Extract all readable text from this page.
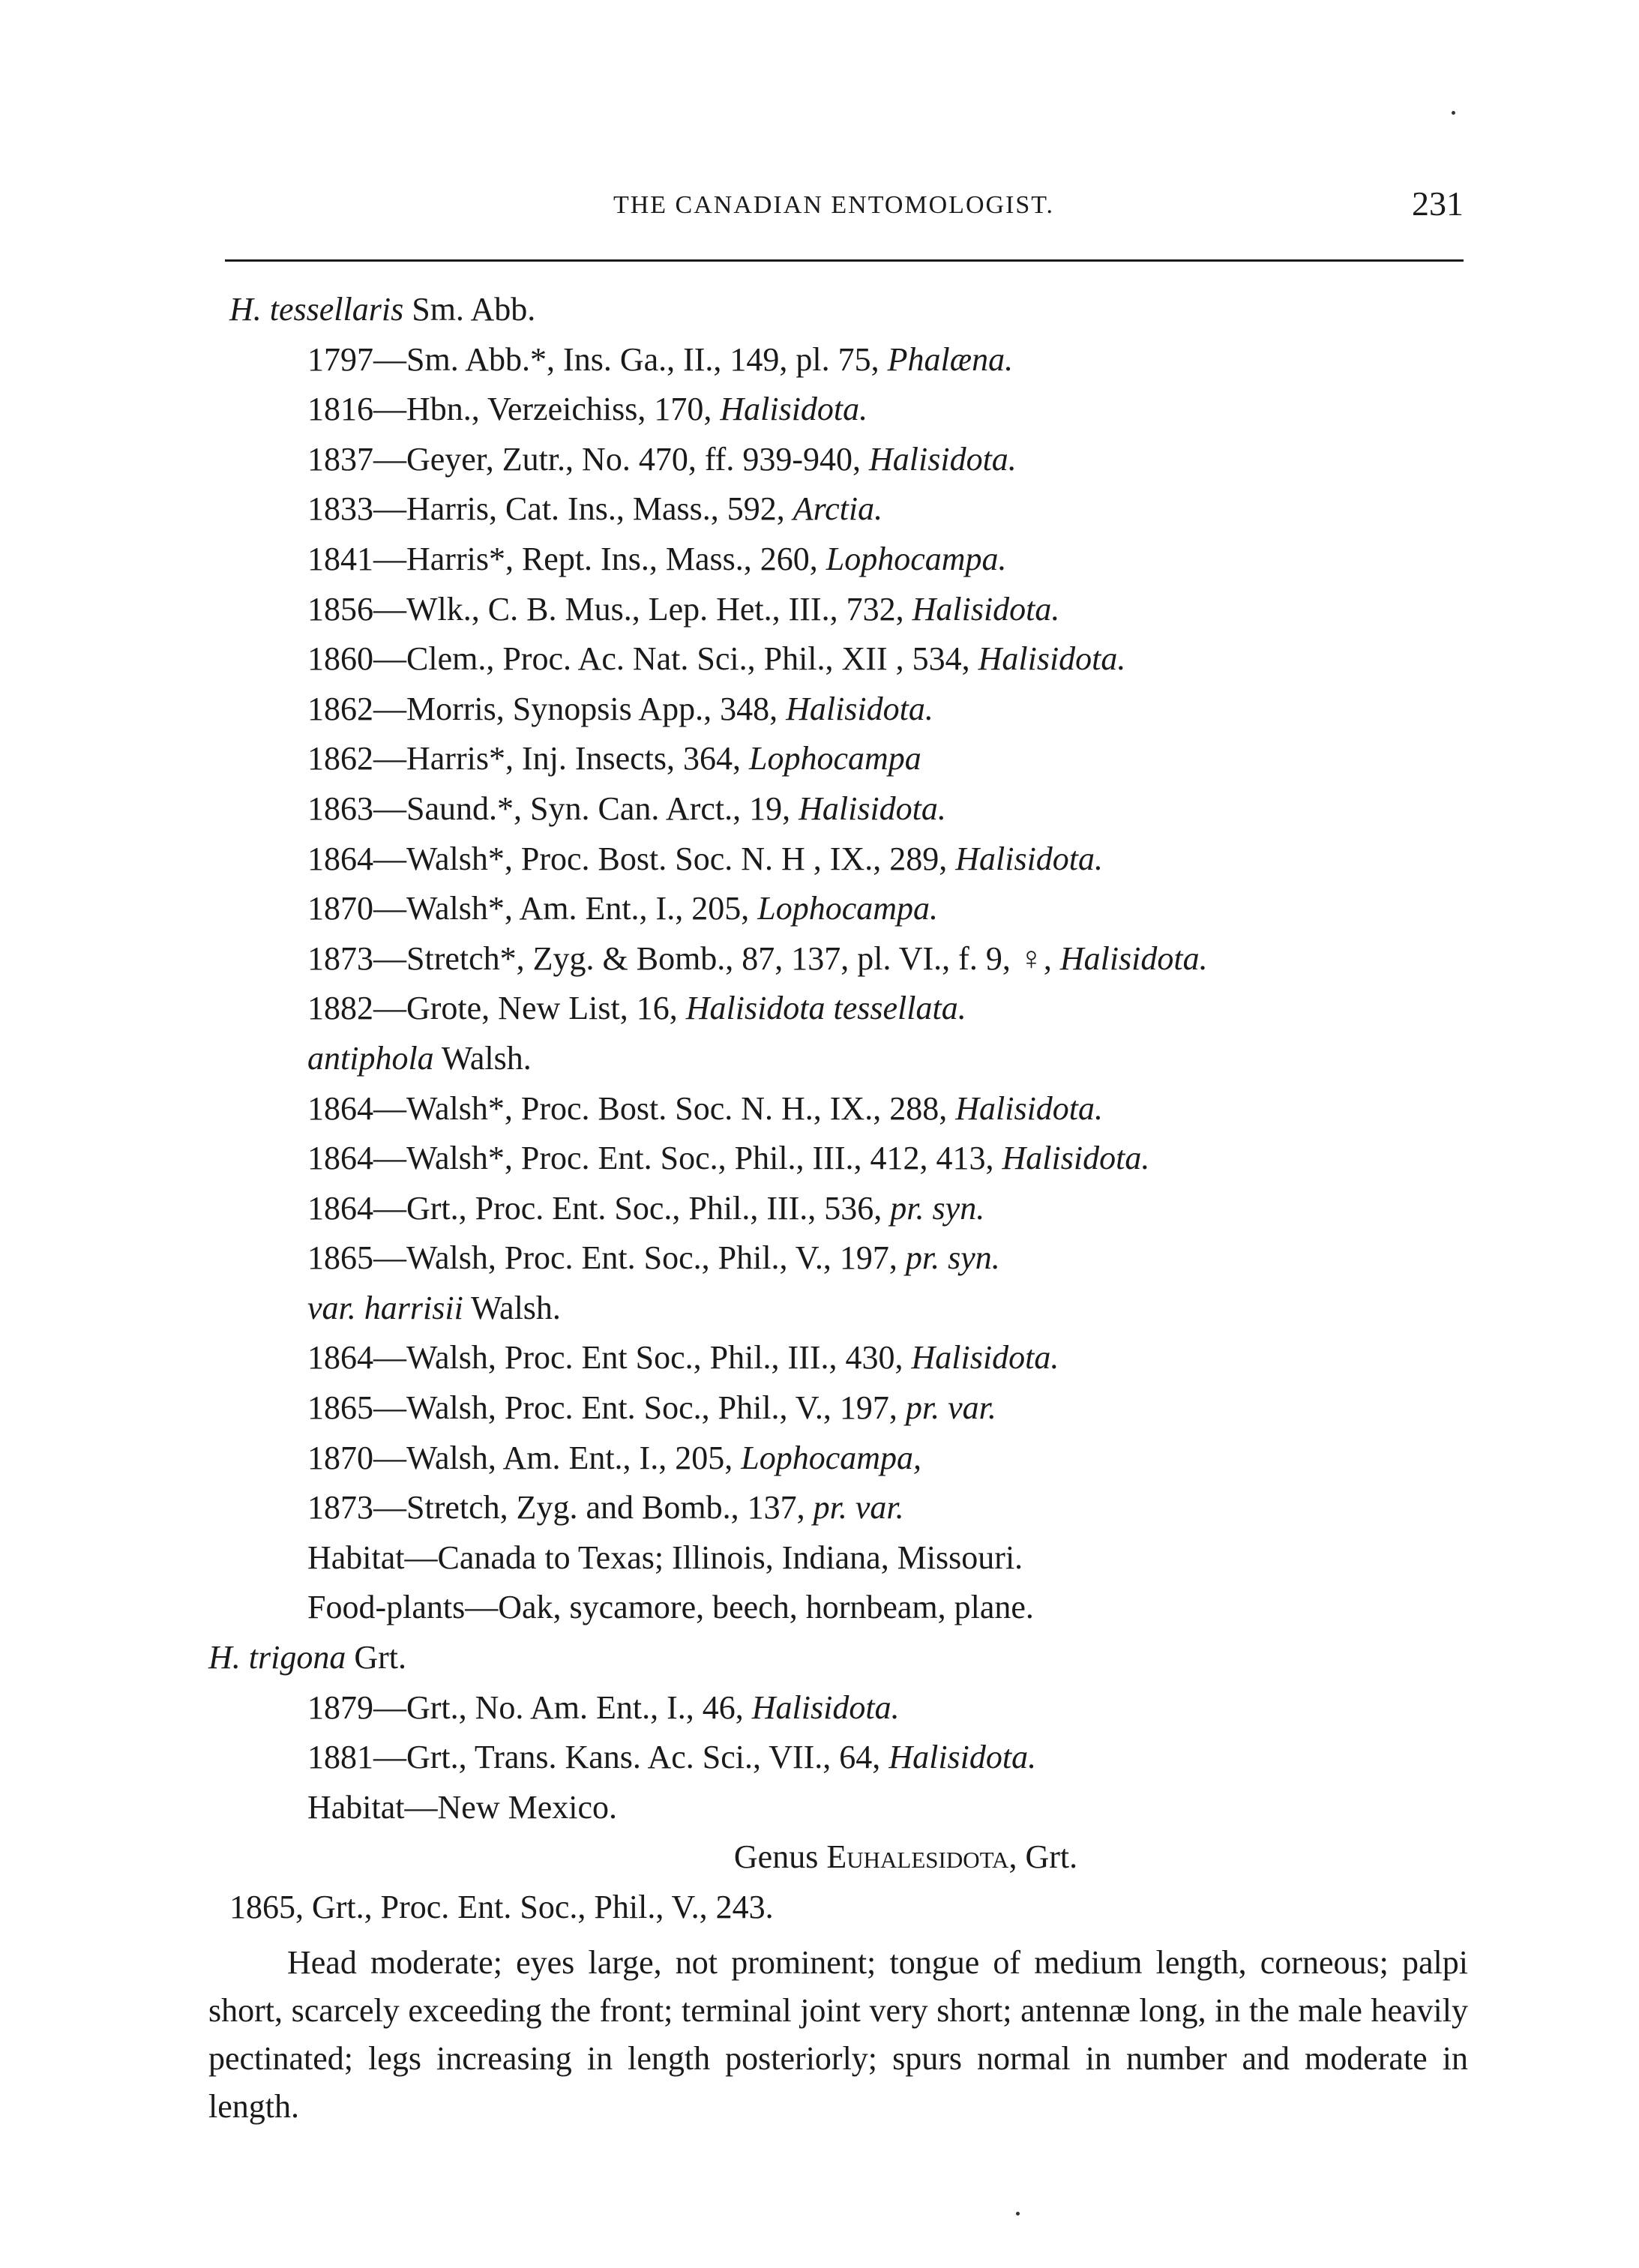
THE CANADIAN ENTOMOLOGIST.	231
H. tessellaris Sm. Abb.
1797—Sm. Abb.*, Ins. Ga., II., 149, pl. 75, Phalæna.
1816—Hbn., Verzeichiss, 170, Halisidota.
1837—Geyer, Zutr., No. 470, ff. 939-940, Halisidota.
1833—Harris, Cat. Ins., Mass., 592, Arctia.
1841—Harris*, Rept. Ins., Mass., 260, Lophocampa.
1856—Wlk., C. B. Mus., Lep. Het., III., 732, Halisidota.
1860—Clem., Proc. Ac. Nat. Sci., Phil., XII , 534, Halisidota.
1862—Morris, Synopsis App., 348, Halisidota.
1862—Harris*, Inj. Insects, 364, Lophocampa
1863—Saund.*, Syn. Can. Arct., 19, Halisidota.
1864—Walsh*, Proc. Bost. Soc. N. H , IX., 289, Halisidota.
1870—Walsh*, Am. Ent., I., 205, Lophocampa.
1873—Stretch*, Zyg. & Bomb., 87, 137, pl. VI., f. 9, ♀, Halisidota.
1882—Grote, New List, 16, Halisidota tessellata.
antiphola Walsh.
1864—Walsh*, Proc. Bost. Soc. N. H., IX., 288, Halisidota.
1864—Walsh*, Proc. Ent. Soc., Phil., III., 412, 413, Halisidota.
1864—Grt., Proc. Ent. Soc., Phil., III., 536, pr. syn.
1865—Walsh, Proc. Ent. Soc., Phil., V., 197, pr. syn.
var. harrisii Walsh.
1864—Walsh, Proc. Ent Soc., Phil., III., 430, Halisidota.
1865—Walsh, Proc. Ent. Soc., Phil., V., 197, pr. var.
1870—Walsh, Am. Ent., I., 205, Lophocampa,
1873—Stretch, Zyg. and Bomb., 137, pr. var.
Habitat—Canada to Texas; Illinois, Indiana, Missouri.
Food-plants—Oak, sycamore, beech, hornbeam, plane.
H. trigona Grt.
1879—Grt., No. Am. Ent., I., 46, Halisidota.
1881—Grt., Trans. Kans. Ac. Sci., VII., 64, Halisidota.
Habitat—New Mexico.
Genus Euhalesidota, Grt.
1865, Grt., Proc. Ent. Soc., Phil., V., 243.

Head moderate; eyes large, not prominent; tongue of medium length, corneous; palpi short, scarcely exceeding the front; terminal joint very short; antennæ long, in the male heavily pectinated; legs increasing in length posteriorly; spurs normal in number and moderate in length.
